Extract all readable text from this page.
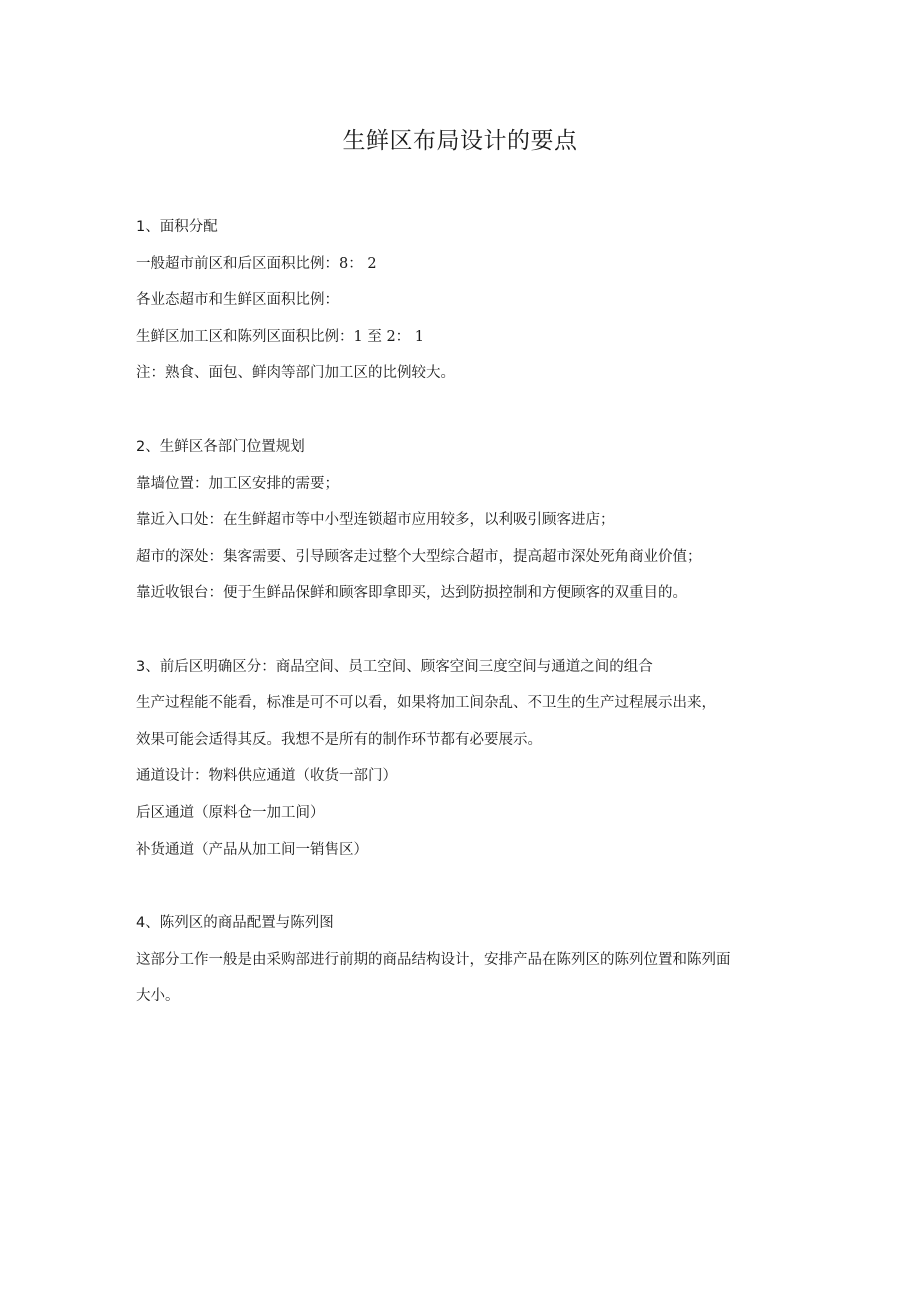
生鲜区布局设计的要点
1、面积分配
一般超市前区和后区面积比例：8： 2
各业态超市和生鲜区面积比例：
生鲜区加工区和陈列区面积比例：1 至 2： 1
注：熟食、面包、鲜肉等部门加工区的比例较大。
2、生鲜区各部门位置规划
靠墙位置：加工区安排的需要；
靠近入口处：在生鲜超市等中小型连锁超市应用较多，以利吸引顾客进店；
超市的深处：集客需要、引导顾客走过整个大型综合超市，提高超市深处死角商业价值；
靠近收银台：便于生鲜品保鲜和顾客即拿即买，达到防损控制和方便顾客的双重目的。
3、前后区明确区分：商品空间、员工空间、顾客空间三度空间与通道之间的组合
生产过程能不能看，标准是可不可以看，如果将加工间杂乱、不卫生的生产过程展示出来，
效果可能会适得其反。我想不是所有的制作环节都有必要展示。
通道设计：物料供应通道（收货一部门）
后区通道（原料仓一加工间）
补货通道（产品从加工间一销售区）
4、陈列区的商品配置与陈列图
这部分工作一般是由采购部进行前期的商品结构设计，安排产品在陈列区的陈列位置和陈列面
大小。
